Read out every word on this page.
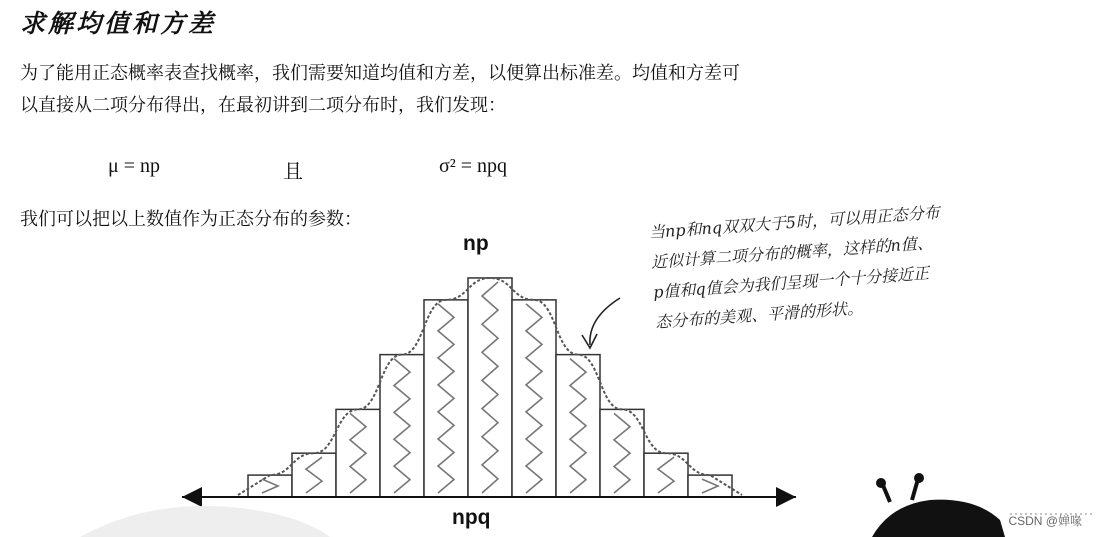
求解均值和方差
为了能用正态概率表查找概率，我们需要知道均值和方差，以便算出标准差。均值和方差可
以直接从二项分布得出，在最初讲到二项分布时，我们发现：
μ = np	且	σ² = npq
我们可以把以上数值作为正态分布的参数：
np
npq
当np和nq双双大于5时，可以用正态分布
近似计算二项分布的概率，这样的n值、
p值和q值会为我们呈现一个十分接近正
态分布的美观、平滑的形状。
CSDN @婵喙
